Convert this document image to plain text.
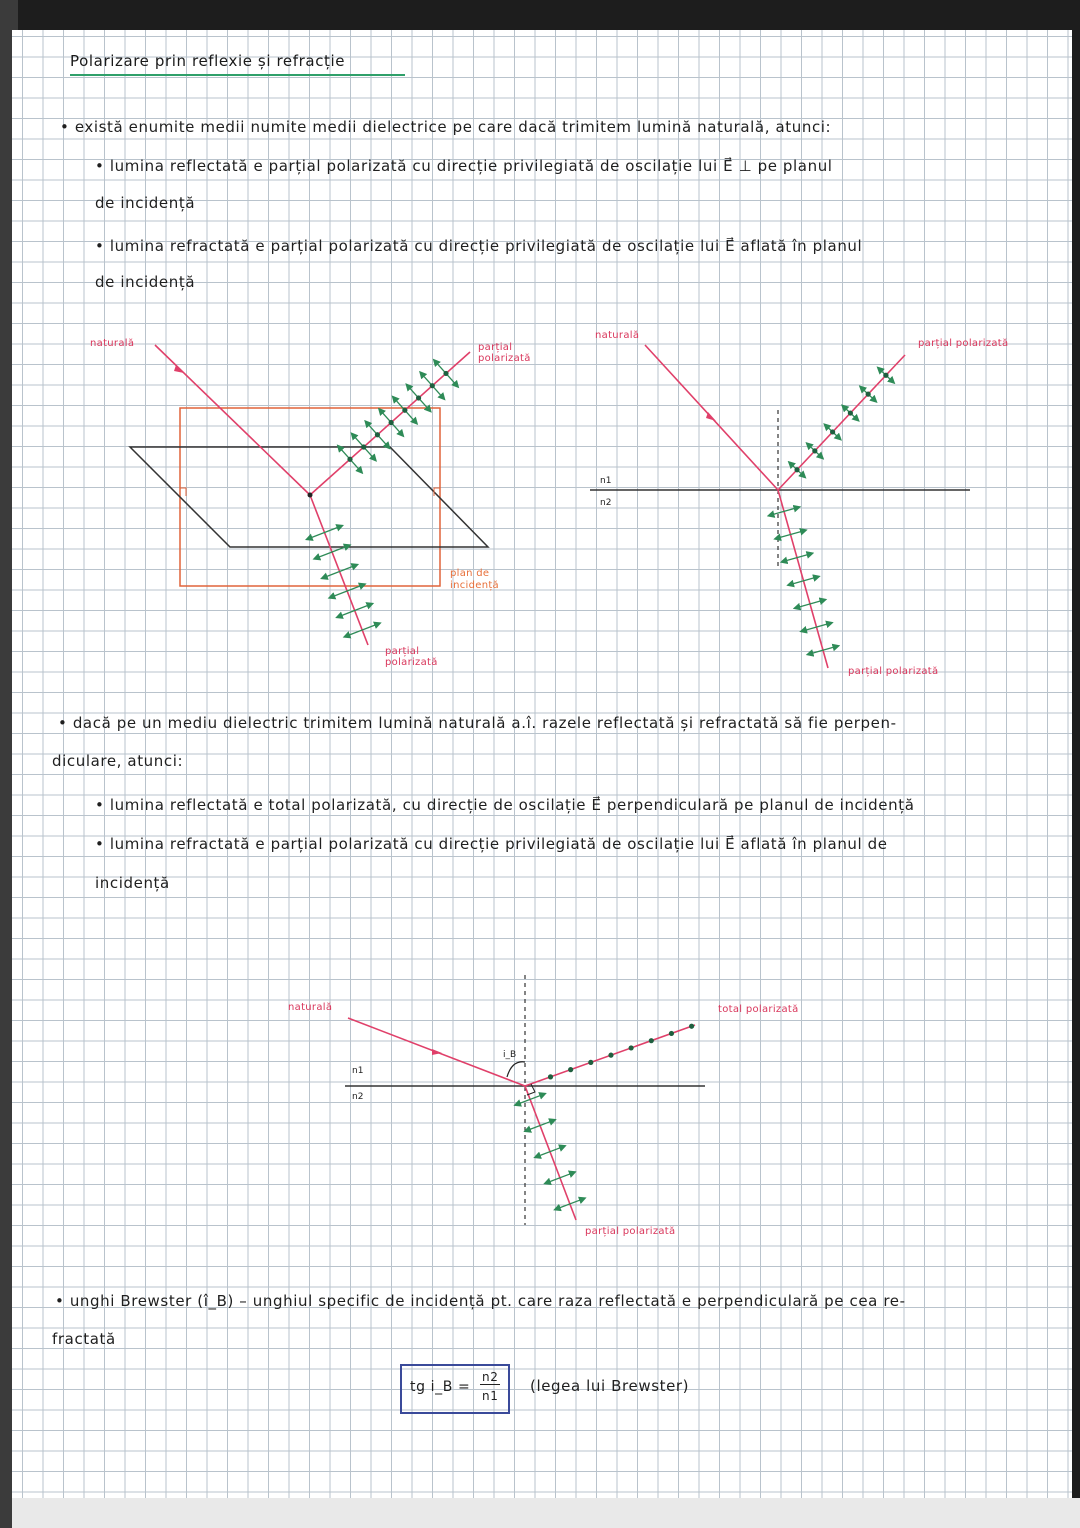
Polarizare prin reflexie și refracție
• există enumite medii numite medii dielectrice pe care dacă trimitem lumină naturală, atunci:
• lumina reflectată e parțial polarizată cu direcție privilegiată de oscilație lui E⃗ ⊥ pe planul
de incidență
• lumina refractată e parțial polarizată cu direcție privilegiată de oscilație lui E⃗ aflată în planul
de incidență
naturală	parțial polarizată
plan de incidență
parțial polarizată
naturală
parțial polarizată
parțial polarizată
n1
n2
• dacă pe un mediu dielectric trimitem lumină naturală a.î. razele reflectată și refractată să fie perpen-
diculare, atunci:
• lumina reflectată e total polarizată, cu direcție de oscilație E⃗ perpendiculară pe planul de incidență
• lumina refractată e parțial polarizată cu direcție privilegiată de oscilație lui E⃗ aflată în planul de
incidență
naturală	total polarizată
parțial polarizată
n1
n2
i_B
• unghi Brewster (î_B) – unghiul specific de incidență pt. care raza reflectată e perpendiculară pe cea re-
fractată
tg i_B =
n2
n1
(legea lui Brewster)
